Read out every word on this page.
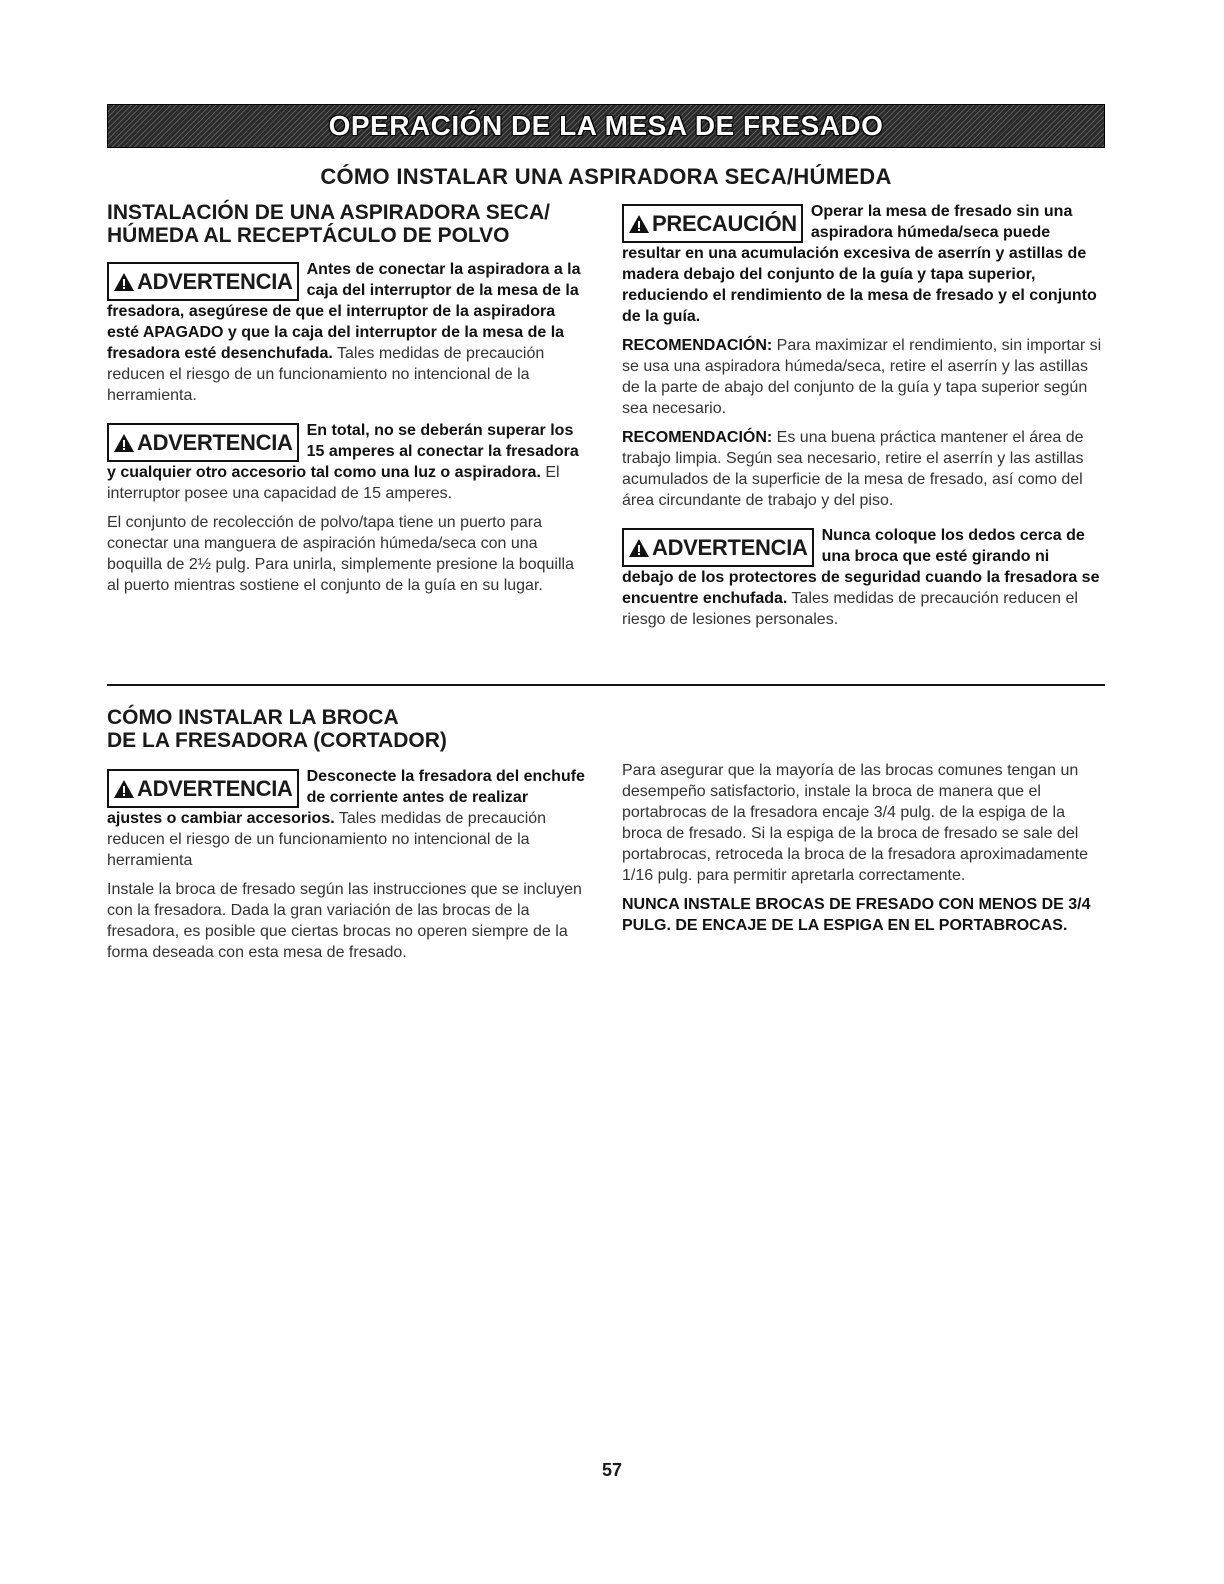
OPERACIÓN DE LA MESA DE FRESADO
CÓMO INSTALAR UNA ASPIRADORA SECA/HÚMEDA
INSTALACIÓN DE UNA ASPIRADORA SECA/
HÚMEDA AL RECEPTÁCULO DE POLVO
ADVERTENCIA Antes de conectar la aspiradora a la caja del interruptor de la mesa de la fresadora, asegúrese de que el interruptor de la aspiradora esté APAGADO y que la caja del interruptor de la mesa de la fresadora esté desenchufada. Tales medidas de precaución reducen el riesgo de un funcionamiento no intencional de la herramienta.

ADVERTENCIA En total, no se deberán superar los 15 amperes al conectar la fresadora y cualquier otro accesorio tal como una luz o aspiradora. El interruptor posee una capacidad de 15 amperes.

El conjunto de recolección de polvo/tapa tiene un puerto para conectar una manguera de aspiración húmeda/seca con una boquilla de 2½ pulg. Para unirla, simplemente presione la boquilla al puerto mientras sostiene el conjunto de la guía en su lugar.

PRECAUCIÓN Operar la mesa de fresado sin una aspiradora húmeda/seca puede resultar en una acumulación excesiva de aserrín y astillas de madera debajo del conjunto de la guía y tapa superior, reduciendo el rendimiento de la mesa de fresado y el conjunto de la guía.

RECOMENDACIÓN: Para maximizar el rendimiento, sin importar si se usa una aspiradora húmeda/seca, retire el aserrín y las astillas de la parte de abajo del conjunto de la guía y tapa superior según sea necesario.

RECOMENDACIÓN: Es una buena práctica mantener el área de trabajo limpia. Según sea necesario, retire el aserrín y las astillas acumulados de la superficie de la mesa de fresado, así como del área circundante de trabajo y del piso.

ADVERTENCIA Nunca coloque los dedos cerca de una broca que esté girando ni debajo de los protectores de seguridad cuando la fresadora se encuentre enchufada. Tales medidas de precaución reducen el riesgo de lesiones personales.

CÓMO INSTALAR LA BROCA
DE LA FRESADORA (CORTADOR)
ADVERTENCIA Desconecte la fresadora del enchufe de corriente antes de realizar ajustes o cambiar accesorios. Tales medidas de precaución reducen el riesgo de un funcionamiento no intencional de la herramienta

Instale la broca de fresado según las instrucciones que se incluyen con la fresadora. Dada la gran variación de las brocas de la fresadora, es posible que ciertas brocas no operen siempre de la forma deseada con esta mesa de fresado.

Para asegurar que la mayoría de las brocas comunes tengan un desempeño satisfactorio, instale la broca de manera que el portabrocas de la fresadora encaje 3/4 pulg. de la espiga de la broca de fresado. Si la espiga de la broca de fresado se sale del portabrocas, retroceda la broca de la fresadora aproximadamente 1/16 pulg. para permitir apretarla correctamente.

NUNCA INSTALE BROCAS DE FRESADO CON MENOS DE 3/4 PULG. DE ENCAJE DE LA ESPIGA EN EL PORTABROCAS.

57
